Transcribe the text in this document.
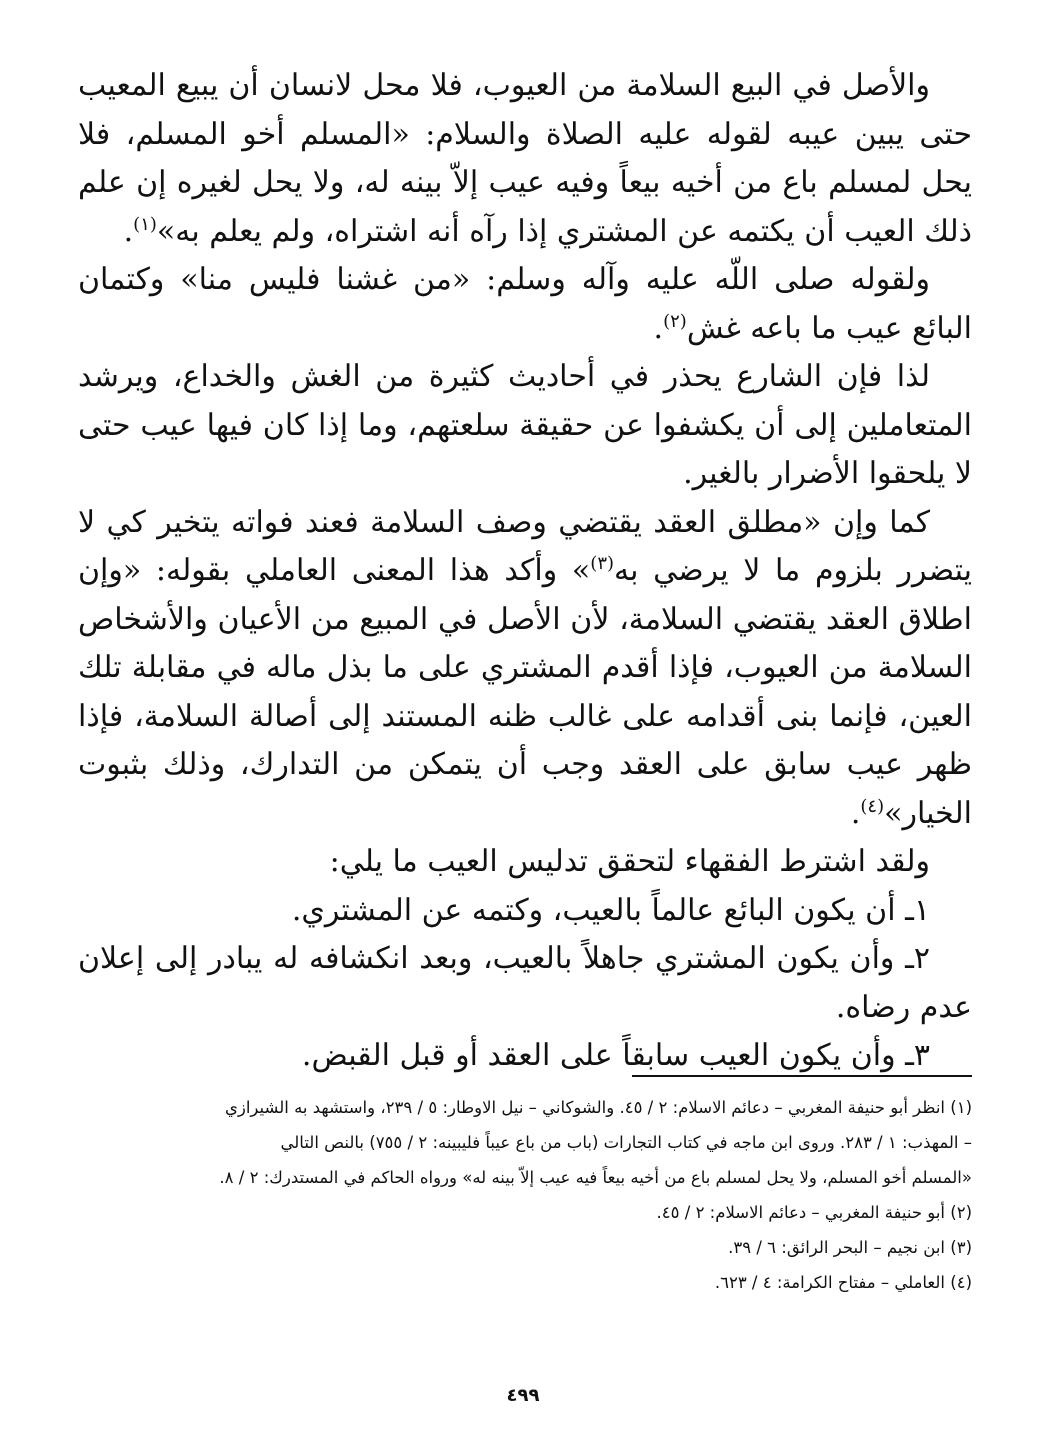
والأصل في البيع السلامة من العيوب، فلا محل لانسان أن يبيع المعيب حتى يبين عيبه لقوله عليه الصلاة والسلام: «المسلم أخو المسلم، فلا يحل لمسلم باع من أخيه بيعاً وفيه عيب إلاّ بينه له، ولا يحل لغيره إن علم ذلك العيب أن يكتمه عن المشتري إذا رآه أنه اشتراه، ولم يعلم به»$^{(١)}$.

ولقوله صلى اللّه عليه وآله وسلم: «من غشنا فليس منا» وكتمان البائع عيب ما باعه غش$^{(٢)}$.

لذا فإن الشارع يحذر في أحاديث كثيرة من الغش والخداع، ويرشد المتعاملين إلى أن يكشفوا عن حقيقة سلعتهم، وما إذا كان فيها عيب حتى لا يلحقوا الأضرار بالغير.

كما وإن «مطلق العقد يقتضي وصف السلامة فعند فواته يتخير كي لا يتضرر بلزوم ما لا يرضي به$^{(٣)}$» وأكد هذا المعنى العاملي بقوله: «وإن اطلاق العقد يقتضي السلامة، لأن الأصل في المبيع من الأعيان والأشخاص السلامة من العيوب، فإذا أقدم المشتري على ما بذل ماله في مقابلة تلك العين، فإنما بنى أقدامه على غالب ظنه المستند إلى أصالة السلامة، فإذا ظهر عيب سابق على العقد وجب أن يتمكن من التدارك، وذلك بثبوت الخيار»$^{(٤)}$.

ولقد اشترط الفقهاء لتحقق تدليس العيب ما يلي:

١ـ أن يكون البائع عالماً بالعيب، وكتمه عن المشتري.

٢ـ وأن يكون المشتري جاهلاً بالعيب، وبعد انكشافه له يبادر إلى إعلان عدم رضاه.

٣ـ وأن يكون العيب سابقاً على العقد أو قبل القبض.

(١) انظر أبو حنيفة المغربي – دعائم الاسلام: ٢ / ٤٥. والشوكاني – نيل الاوطار: ٥ / ٢٣٩، واستشهد به الشيرازي

– المهذب: ١ / ٢٨٣. وروى ابن ماجه في كتاب التجارات (باب من باع عيباً فليبينه: ٢ / ٧٥٥) بالنص التالي

«المسلم أخو المسلم، ولا يحل لمسلم باع من أخيه بيعاً فيه عيب إلاّ بينه له» ورواه الحاكم في المستدرك: ٢ / ٨.

(٢) أبو حنيفة المغربي – دعائم الاسلام: ٢ / ٤٥.

(٣) ابن نجيم – البحر الرائق: ٦ / ٣٩.

(٤) العاملي – مفتاح الكرامة: ٤ / ٦٢٣.

٤٩٩
